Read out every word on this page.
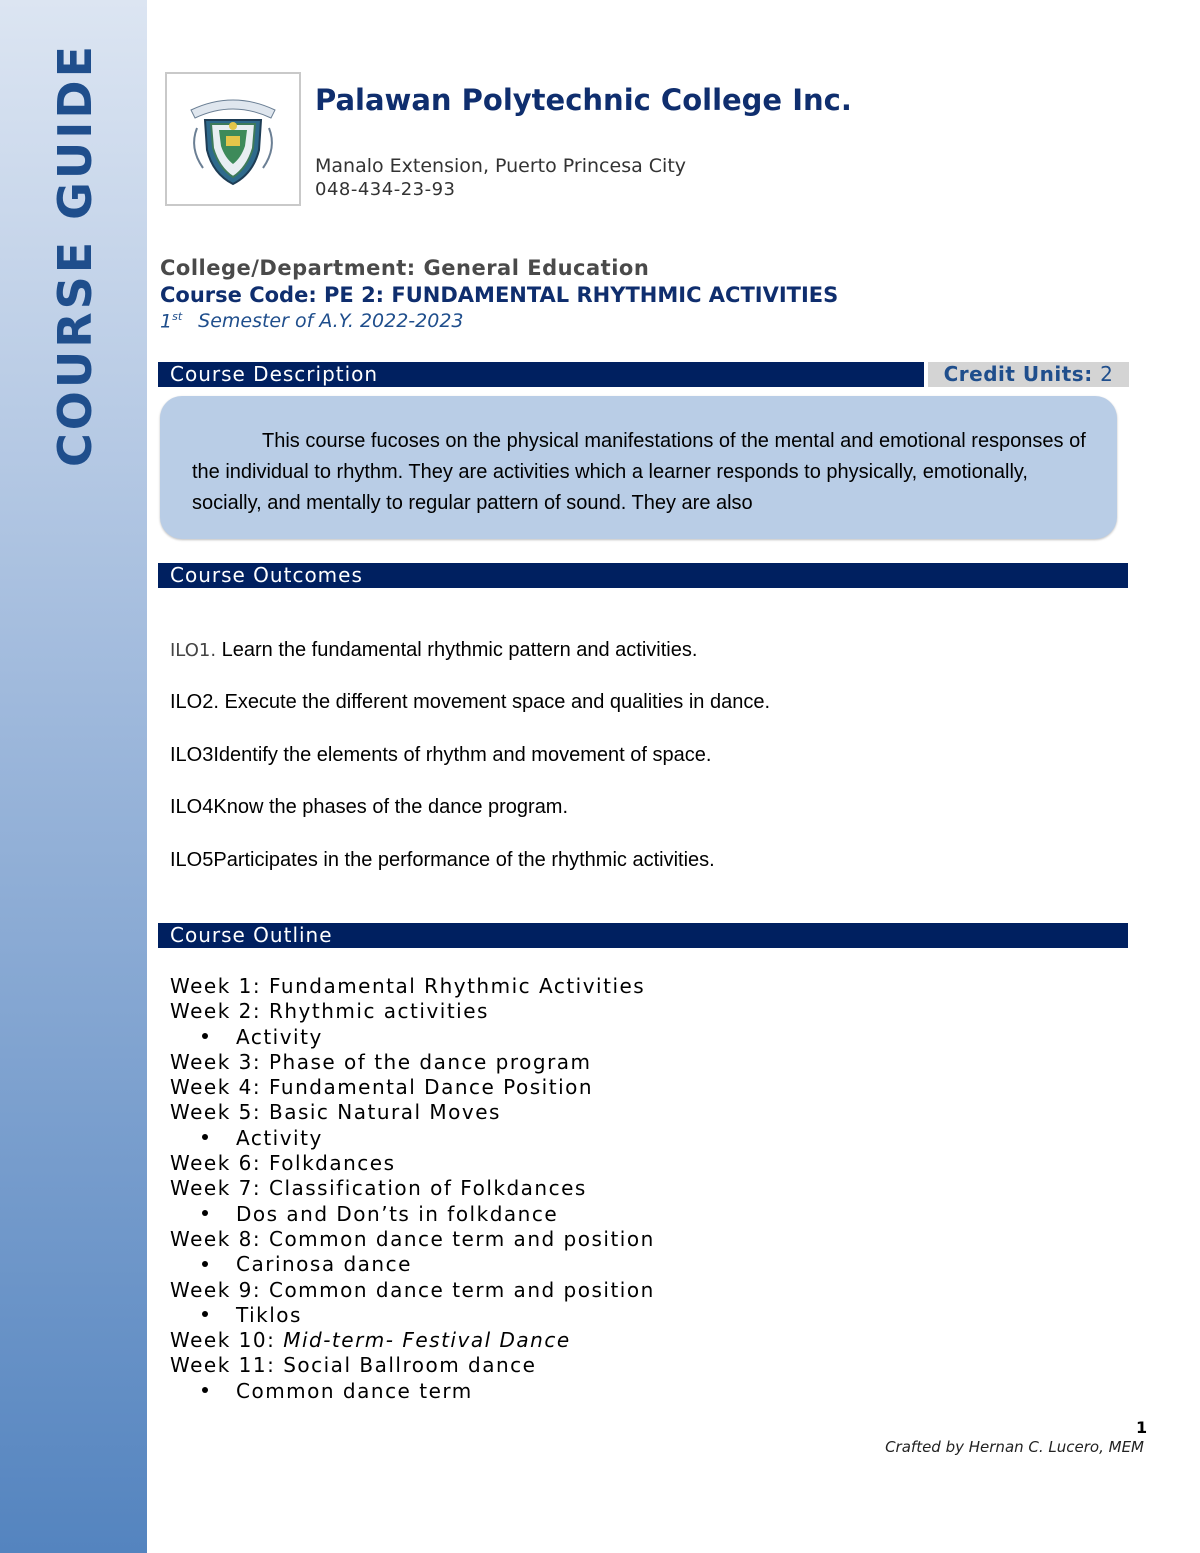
COURSE GUIDE	Palawan Polytechnic College Inc.
Manalo Extension, Puerto Princesa City
048-434-23-93
College/Department: General Education
Course Code: PE 2: FUNDAMENTAL RHYTHMIC ACTIVITIES
1st Semester of A.Y. 2022-2023
Course Description	Credit Units: 2
This course fucoses on the physical manifestations of the mental and emotional responses of the individual to rhythm. They are activities which a learner responds to physically, emotionally, socially, and mentally to regular pattern of sound. They are also
Course Outcomes
ILO1. Learn the fundamental rhythmic pattern and activities.
ILO2. Execute the different movement space and qualities in dance.
ILO3Identify the elements of rhythm and movement of space.
ILO4Know the phases of the dance program.
ILO5Participates in the performance of the rhythmic activities.
Course Outline
Week 1: Fundamental Rhythmic Activities
Week 2: Rhythmic activities
Activity
Week 3: Phase of the dance program
Week 4: Fundamental Dance Position
Week 5: Basic Natural Moves
Activity
Week 6: Folkdances
Week 7: Classification of Folkdances
Dos and Don’ts in folkdance
Week 8: Common dance term and position
Carinosa dance
Week 9: Common dance term and position
Tiklos
Week 10: Mid-term- Festival Dance
Week 11: Social Ballroom dance
Common dance term
1
Crafted by Hernan C. Lucero, MEM
